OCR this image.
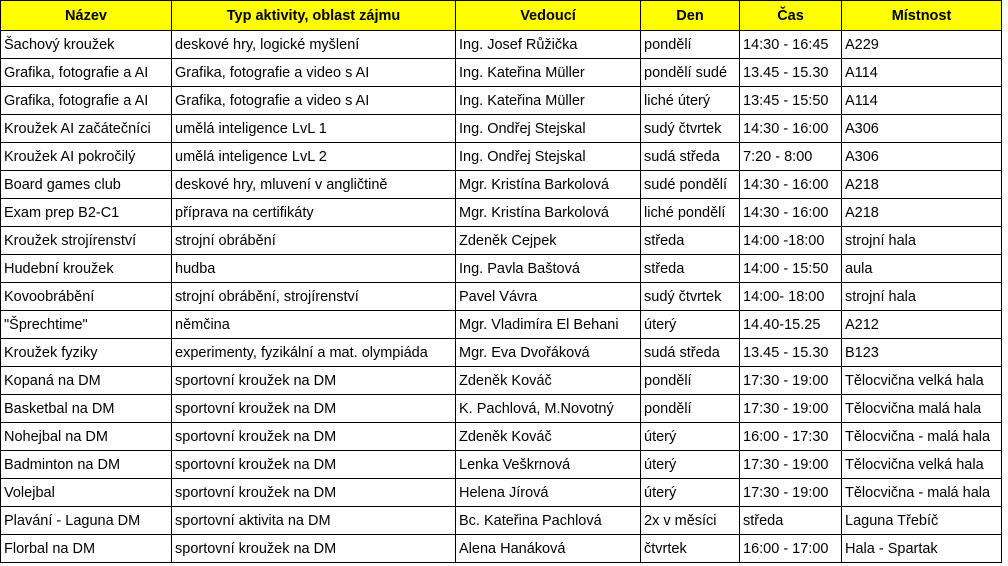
Název	Typ aktivity, oblast zájmu	Vedoucí	Den	Čas	Místnost
Šachový kroužek	deskové hry, logické myšlení	Ing. Josef Růžička	pondělí	14:30 - 16:45	A229
Grafika, fotografie a AI	Grafika, fotografie a video s AI	Ing. Kateřina Müller	pondělí sudé	13.45 - 15.30	A114
Grafika, fotografie a AI	Grafika, fotografie a video s AI	Ing. Kateřina Müller	liché úterý	13:45 - 15:50	A114
Kroužek AI začátečníci	umělá inteligence LvL 1	Ing. Ondřej Stejskal	sudý čtvrtek	14:30 - 16:00	A306
Kroužek AI pokročilý	umělá inteligence LvL 2	Ing. Ondřej Stejskal	sudá středa	7:20 - 8:00	A306
Board games club	deskové hry, mluvení v angličtině	Mgr. Kristína Barkolová	sudé pondělí	14:30 - 16:00	A218
Exam prep B2-C1	příprava na certifikáty	Mgr. Kristína Barkolová	liché pondělí	14:30 - 16:00	A218
Kroužek strojírenství	strojní obrábění	Zdeněk Cejpek	středa	14:00 -18:00	strojní hala
Hudební kroužek	hudba	Ing. Pavla Baštová	středa	14:00 - 15:50	aula
Kovoobrábění	strojní obrábění, strojírenství	Pavel Vávra	sudý čtvrtek	14:00- 18:00	strojní hala
"Šprechtime"	němčina	Mgr. Vladimíra El Behani	úterý	14.40-15.25	A212
Kroužek fyziky	experimenty, fyzikální a mat. olympiáda	Mgr. Eva Dvořáková	sudá středa	13.45 - 15.30	B123
Kopaná na DM	sportovní kroužek na DM	Zdeněk Kováč	pondělí	17:30 - 19:00	Tělocvična velká hala
Basketbal na DM	sportovní kroužek na DM	K. Pachlová, M.Novotný	pondělí	17:30 - 19:00	Tělocvična malá hala
Nohejbal na DM	sportovní kroužek na DM	Zdeněk Kováč	úterý	16:00 - 17:30	Tělocvična - malá hala
Badminton na DM	sportovní kroužek na DM	Lenka Veškrnová	úterý	17:30 - 19:00	Tělocvična velká hala
Volejbal	sportovní kroužek na DM	Helena Jírová	úterý	17:30 - 19:00	Tělocvična - malá hala
Plavání - Laguna DM	sportovní aktivita na DM	Bc. Kateřina Pachlová	2x v měsíci	středa	Laguna Třebíč
Florbal na DM	sportovní kroužek na DM	Alena Hanáková	čtvrtek	16:00 - 17:00	Hala - Spartak
